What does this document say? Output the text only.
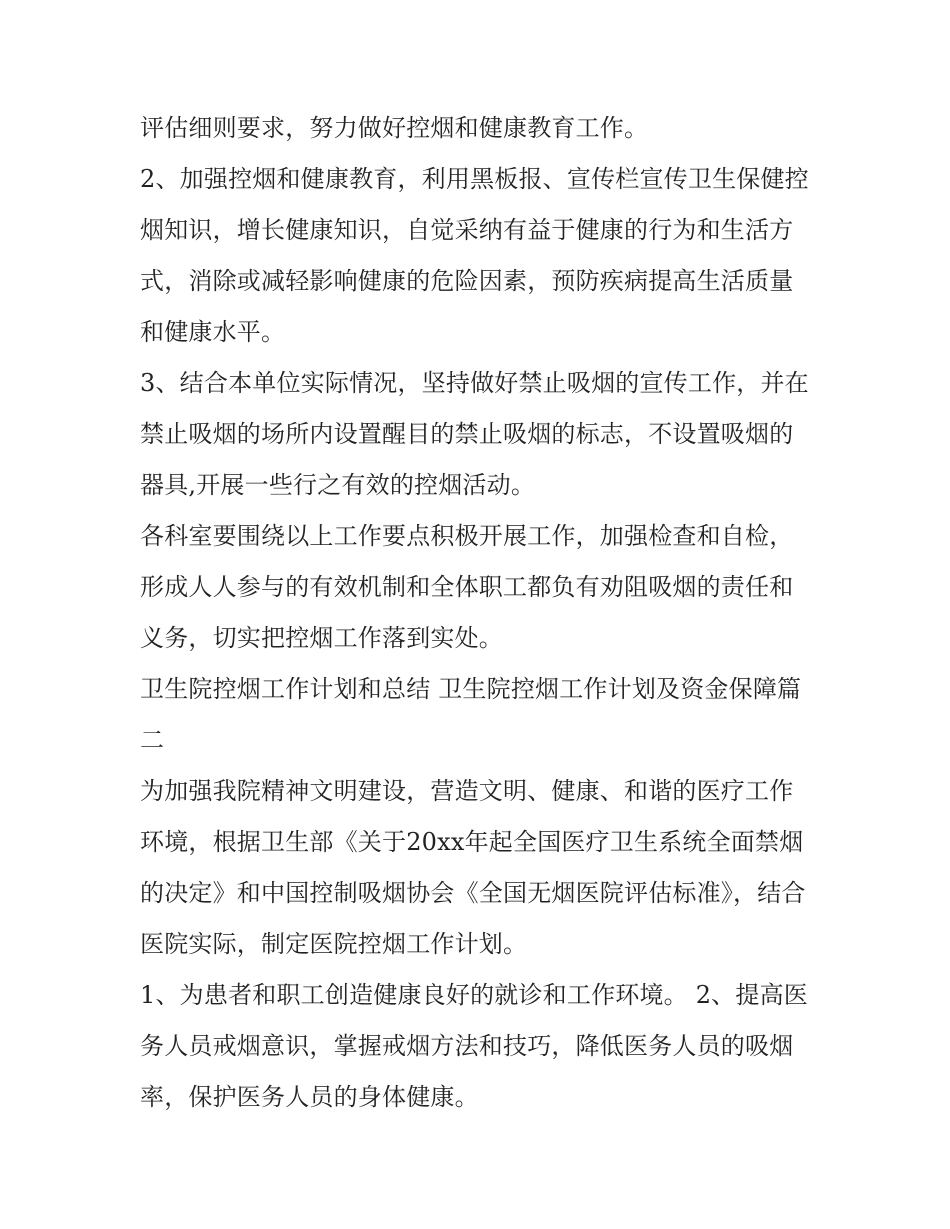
评估细则要求，努力做好控烟和健康教育工作。

2、加强控烟和健康教育，利用黑板报、宣传栏宣传卫生保健控烟知识，增长健康知识，自觉采纳有益于健康的行为和生活方式，消除或减轻影响健康的危险因素，预防疾病提高生活质量和健康水平。

3、结合本单位实际情况，坚持做好禁止吸烟的宣传工作，并在禁止吸烟的场所内设置醒目的禁止吸烟的标志，不设置吸烟的器具,开展一些行之有效的控烟活动。

各科室要围绕以上工作要点积极开展工作，加强检查和自检，形成人人参与的有效机制和全体职工都负有劝阻吸烟的责任和义务，切实把控烟工作落到实处。

卫生院控烟工作计划和总结 卫生院控烟工作计划及资金保障篇二

为加强我院精神文明建设，营造文明、健康、和谐的医疗工作环境，根据卫生部《关于20xx年起全国医疗卫生系统全面禁烟的决定》和中国控制吸烟协会《全国无烟医院评估标准》，结合医院实际，制定医院控烟工作计划。

1、为患者和职工创造健康良好的就诊和工作环境。 2、提高医务人员戒烟意识，掌握戒烟方法和技巧，降低医务人员的吸烟率，保护医务人员的身体健康。
